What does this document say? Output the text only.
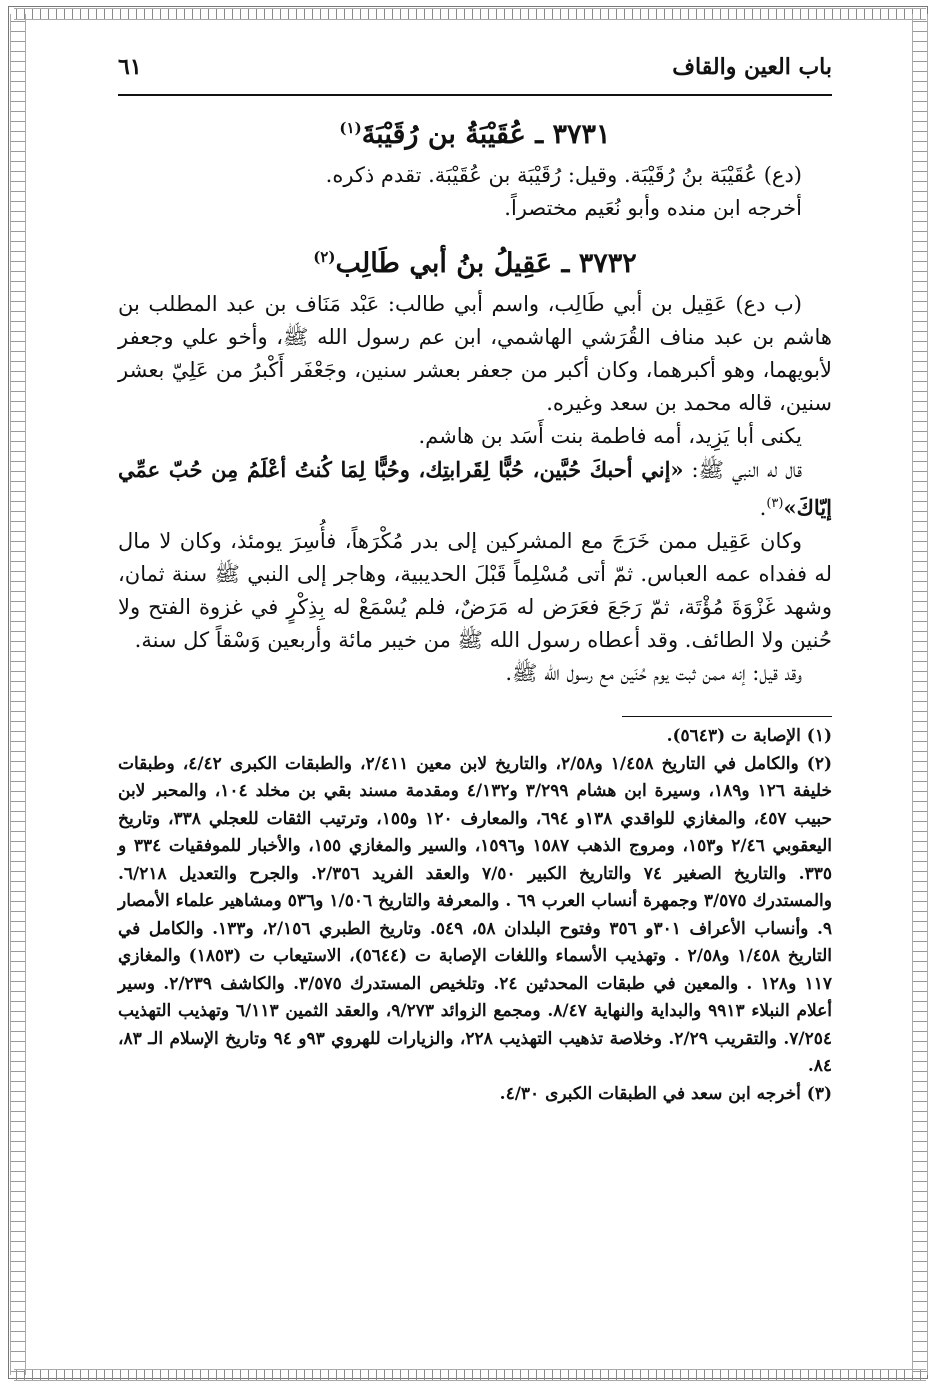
باب العين والقاف
٦١
٣٧٣١ ـ عُقَيْبَةُ بن رُقَيْبَةَ$^{(١)}$

(دع) عُقَيْبَة بنُ رُقَيْبَة. وقيل: رُقَيْبَة بن عُقَيْبَة. تقدم ذكره.

أخرجه ابن منده وأبو نُعَيم مختصراً.

٣٧٣٢ ـ عَقِيلُ بنُ أبي طَالِب$^{(٢)}$

(ب دع) عَقِيل بن أبي طَالِب، واسم أبي طالب: عَبْد مَنَاف بن عبد المطلب بن هاشم بن عبد مناف القُرَشي الهاشمي، ابن عم رسول الله ﷺ، وأخو علي وجعفر لأبويهما، وهو أكبرهما، وكان أكبر من جعفر بعشر سنين، وجَعْفَر أَكْبرُ من عَلِيّ بعشر سنين، قاله محمد بن سعد وغيره.

يكنى أبا يَزِيد، أمه فاطمة بنت أَسَد بن هاشم.

قال له النبي ﷺ: «إني أحبكَ حُبَّين، حُبًّا لِقَرابتِك، وحُبًّا لِمَا كُنتُ أعْلَمُ مِن حُبّ عمِّي إيّاكَ»$^{(٣)}$.

وكان عَقِيل ممن خَرَجَ مع المشركين إلى بدر مُكْرَهاً، فأُسِرَ يومئذ، وكان لا مال له ففداه عمه العباس. ثمّ أتى مُسْلِماً قَبْلَ الحديبية، وهاجر إلى النبي ﷺ سنة ثمان، وشهد غَزْوَةَ مُؤْتَة، ثمّ رَجَعَ فعَرَض له مَرَضٌ، فلم يُسْمَعْ له بِذِكْرٍ في غزوة الفتح ولا حُنين ولا الطائف. وقد أعطاه رسول الله ﷺ من خيبر مائة وأربعين وَسْقاً كل سنة.

وقد قيل: إنه ممن ثبت يوم حُنَين مع رسول الله ﷺ.

(١) الإصابة ت (٥٦٤٣).

(٢) والكامل في التاريخ ١/٤٥٨ و٢/٥٨، والتاريخ لابن معين ٢/٤١١، والطبقات الكبرى ٤/٤٢، وطبقات خليفة ١٢٦ و١٨٩، وسيرة ابن هشام ٣/٢٩٩ و٤/١٣٢ ومقدمة مسند بقي بن مخلد ١٠٤، والمحبر لابن حبيب ٤٥٧، والمغازي للواقدي ١٣٨و ٦٩٤، والمعارف ١٢٠ و١٥٥، وترتيب الثقات للعجلي ٣٣٨، وتاريخ اليعقوبي ٢/٤٦ و١٥٣، ومروج الذهب ١٥٨٧ و١٥٩٦، والسير والمغازي ١٥٥، والأخبار للموفقيات ٣٣٤ و ٣٣٥. والتاريخ الصغير ٧٤ والتاريخ الكبير ٧/٥٠ والعقد الفريد ٢/٣٥٦. والجرح والتعديل ٦/٢١٨. والمستدرك ٣/٥٧٥ وجمهرة أنساب العرب ٦٩ . والمعرفة والتاريخ ١/٥٠٦ و٥٣٦ ومشاهير علماء الأمصار ٩. وأنساب الأعراف ٣٠١و ٣٥٦ وفتوح البلدان ٥٨، ٥٤٩. وتاريخ الطبري ٢/١٥٦، و١٣٣. والكامل في التاريخ ١/٤٥٨ و٢/٥٨ . وتهذيب الأسماء واللغات الإصابة ت (٥٦٤٤)، الاستيعاب ت (١٨٥٣) والمغازي ١١٧ و١٢٨ . والمعين في طبقات المحدثين ٢٤. وتلخيص المستدرك ٣/٥٧٥. والكاشف ٢/٢٣٩. وسير أعلام النبلاء ٩٩١٣ والبداية والنهاية ٨/٤٧. ومجمع الزوائد ٩/٢٧٣، والعقد الثمين ٦/١١٣ وتهذيب التهذيب ٧/٢٥٤. والتقريب ٢/٢٩. وخلاصة تذهيب التهذيب ٢٢٨، والزيارات للهروي ٩٣و ٩٤ وتاريخ الإسلام الـ ٨٣، ٨٤.

(٣) أخرجه ابن سعد في الطبقات الكبرى ٤/٣٠.
